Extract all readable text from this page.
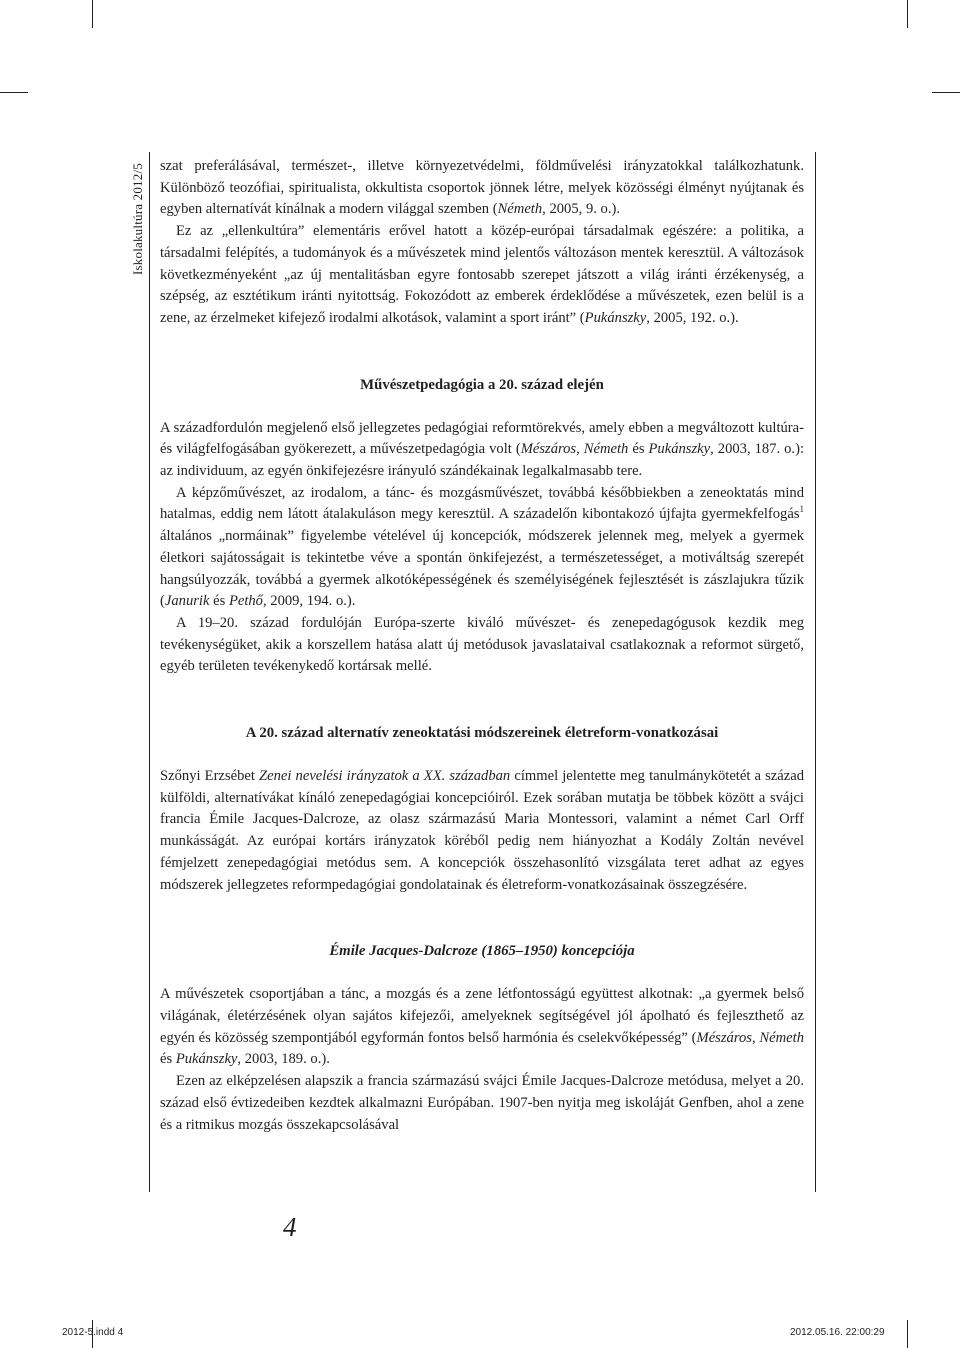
Iskolakultúra 2012/5 szat preferálásával, természet-, illetve környezetvédelmi, földművelési irányzatokkal találkozhatunk. Különböző teozófiai, spiritualista, okkultista csoportok jönnek létre, melyek közösségi élményt nyújtanak és egyben alternatívát kínálnak a modern világgal szemben (Németh, 2005, 9. o.).

Ez az „ellenkultúra” elementáris erővel hatott a közép-európai társadalmak egészére: a politika, a társadalmi felépítés, a tudományok és a művészetek mind jelentős változáson mentek keresztül. A változások következményeként „az új mentalitásban egyre fontosabb szerepet játszott a világ iránti érzékenység, a szépség, az esztétikum iránti nyitottság. Fokozódott az emberek érdeklődése a művészetek, ezen belül is a zene, az érzelmeket kifejező irodalmi alkotások, valamint a sport iránt” (Pukánszky, 2005, 192. o.).

Művészetpedagógia a 20. század elején

A századfordulón megjelenő első jellegzetes pedagógiai reformtörekvés, amely ebben a megváltozott kultúra- és világfelfogásában gyökerezett, a művészetpedagógia volt (Mészáros, Németh és Pukánszky, 2003, 187. o.): az individuum, az egyén önkifejezésre irányuló szándékainak legalkalmasabb tere.

A képzőművészet, az irodalom, a tánc- és mozgásművészet, továbbá későbbiekben a zeneoktatás mind hatalmas, eddig nem látott átalakuláson megy keresztül. A századelőn kibontakozó újfajta gyermekfelfogás$^1$ általános „normáinak” figyelembe vételével új koncepciók, módszerek jelennek meg, melyek a gyermek életkori sajátosságait is tekintetbe véve a spontán önkifejezést, a természetességet, a motiváltság szerepét hangsúlyozzák, továbbá a gyermek alkotóképességének és személyiségének fejlesztését is zászlajukra tűzik (Janurik és Pethő, 2009, 194. o.).

A 19–20. század fordulóján Európa-szerte kiváló művészet- és zenepedagógusok kezdik meg tevékenységüket, akik a korszellem hatása alatt új metódusok javaslataival csatlakoznak a reformot sürgető, egyéb területen tevékenykedő kortársak mellé.

A 20. század alternatív zeneoktatási módszereinek életreform-vonatkozásai

Szőnyi Erzsébet Zenei nevelési irányzatok a XX. században címmel jelentette meg tanulmánykötetét a század külföldi, alternatívákat kínáló zenepedagógiai koncepcióiról. Ezek sorában mutatja be többek között a svájci francia Émile Jacques-Dalcroze, az olasz származású Maria Montessori, valamint a német Carl Orff munkásságát. Az európai kortárs irányzatok köréből pedig nem hiányozhat a Kodály Zoltán nevével fémjelzett zenepedagógiai metódus sem. A koncepciók összehasonlító vizsgálata teret adhat az egyes módszerek jellegzetes reformpedagógiai gondolatainak és életreform-vonatkozásainak összegzésére.

Émile Jacques-Dalcroze (1865–1950) koncepciója

A művészetek csoportjában a tánc, a mozgás és a zene létfontosságú együttest alkotnak: „a gyermek belső világának, életérzésének olyan sajátos kifejezői, amelyeknek segítségével jól ápolható és fejleszthető az egyén és közösség szempontjából egyformán fontos belső harmónia és cselekvőképesség” (Mészáros, Németh és Pukánszky, 2003, 189. o.).

Ezen az elképzelésen alapszik a francia származású svájci Émile Jacques-Dalcroze metódusa, melyet a 20. század első évtizedeiben kezdtek alkalmazni Európában. 1907-ben nyitja meg iskoláját Genfben, ahol a zene és a ritmikus mozgás összekapcsolásával

4
2012-5.indd 4	2012.05.16. 22:00:29
